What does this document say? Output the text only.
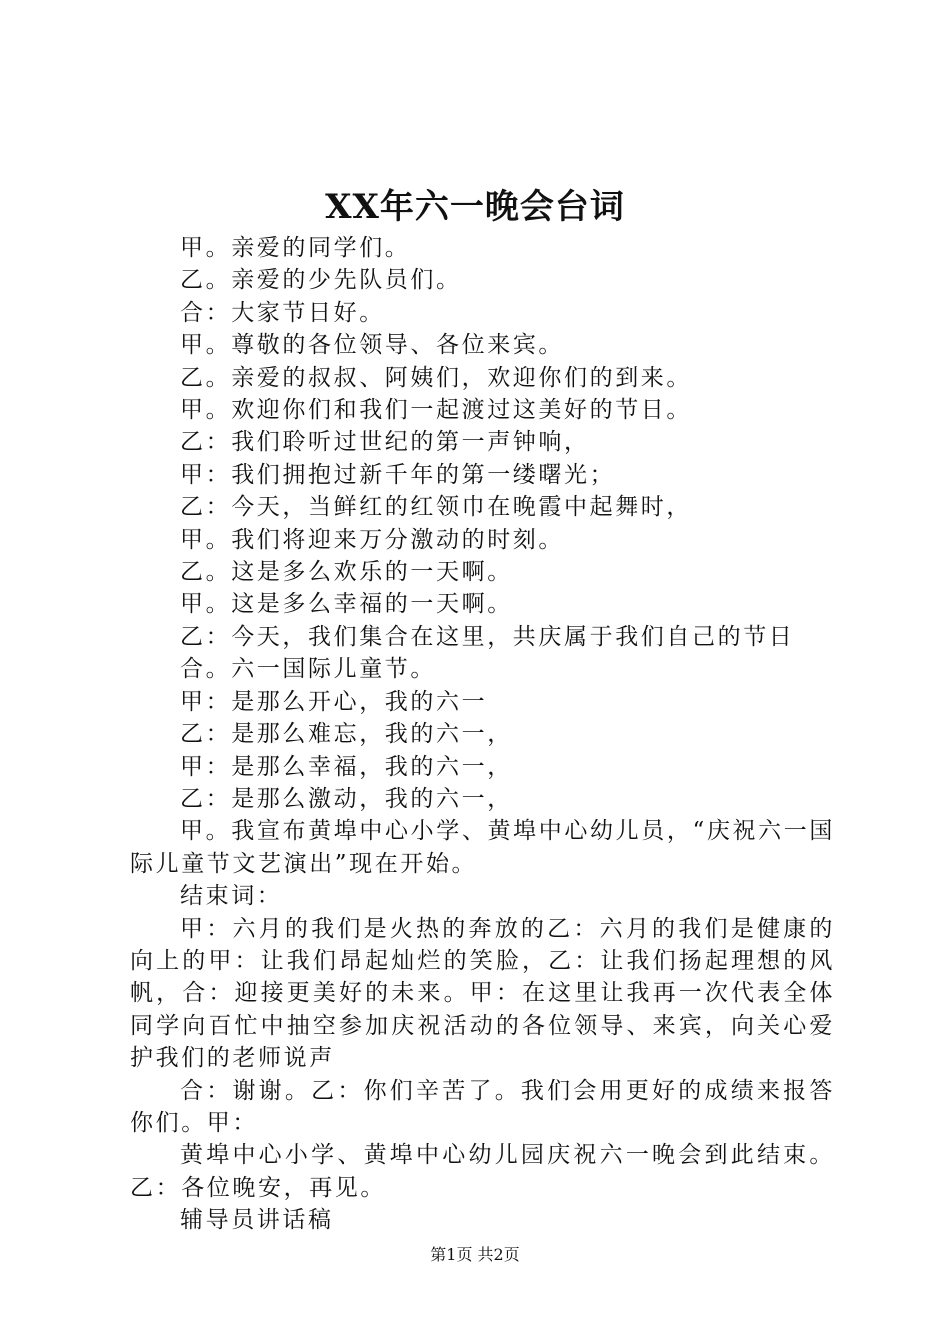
XX年六一晚会台词

甲。亲爱的同学们。

乙。亲爱的少先队员们。

合：大家节日好。

甲。尊敬的各位领导、各位来宾。

乙。亲爱的叔叔、阿姨们，欢迎你们的到来。

甲。欢迎你们和我们一起渡过这美好的节日。

乙：我们聆听过世纪的第一声钟响，

甲：我们拥抱过新千年的第一缕曙光；

乙：今天，当鲜红的红领巾在晚霞中起舞时，

甲。我们将迎来万分激动的时刻。

乙。这是多么欢乐的一天啊。

甲。这是多么幸福的一天啊。

乙：今天，我们集合在这里，共庆属于我们自己的节日

合。六一国际儿童节。

甲：是那么开心，我的六一

乙：是那么难忘，我的六一，

甲：是那么幸福，我的六一，

乙：是那么激动，我的六一，

甲。我宣布黄埠中心小学、黄埠中心幼儿员，“庆祝六一国际儿童节文艺演出”现在开始。

结束词：

甲：六月的我们是火热的奔放的乙：六月的我们是健康的向上的甲：让我们昂起灿烂的笑脸，乙：让我们扬起理想的风帆，合：迎接更美好的未来。甲：在这里让我再一次代表全体同学向百忙中抽空参加庆祝活动的各位领导、来宾，向关心爱护我们的老师说声

合：谢谢。乙：你们辛苦了。我们会用更好的成绩来报答你们。甲：

黄埠中心小学、黄埠中心幼儿园庆祝六一晚会到此结束。乙：各位晚安，再见。

辅导员讲话稿

第1页 共2页
